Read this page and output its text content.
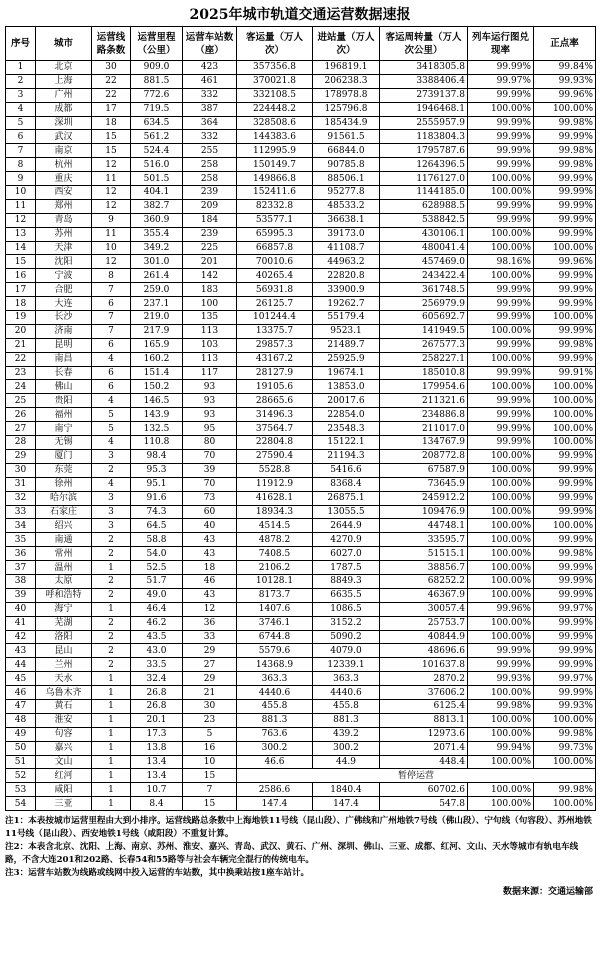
2025年城市轨道交通运营数据速报
序号	城市	运营线路条数	运营里程（公里）	运营车站数（座）	客运量（万人次）	进站量（万人次）	客运周转量（万人次公里）	列车运行图兑现率	正点率
1	北京	30	909.0	423	357356.8	196819.1	3418305.8	99.99%	99.84%
2	上海	22	881.5	461	370021.8	206238.3	3388406.4	99.97%	99.93%
3	广州	22	772.6	332	332108.5	178978.8	2739137.8	99.99%	99.96%
4	成都	17	719.5	387	224448.2	125796.8	1946468.1	100.00%	100.00%
5	深圳	18	634.5	364	328508.6	185434.9	2555957.9	99.99%	99.98%
6	武汉	15	561.2	332	144383.6	91561.5	1183804.3	99.99%	99.99%
7	南京	15	524.4	255	112995.9	66844.0	1795787.6	99.99%	99.98%
8	杭州	12	516.0	258	150149.7	90785.8	1264396.5	99.99%	99.98%
9	重庆	11	501.5	258	149866.8	88506.1	1176127.0	100.00%	99.99%
10	西安	12	404.1	239	152411.6	95277.8	1144185.0	100.00%	99.99%
11	郑州	12	382.7	209	82332.8	48533.2	628988.5	99.99%	99.99%
12	青岛	9	360.9	184	53577.1	36638.1	538842.5	99.99%	99.99%
13	苏州	11	355.4	239	65995.3	39173.0	430106.1	100.00%	99.99%
14	天津	10	349.2	225	66857.8	41108.7	480041.4	100.00%	100.00%
15	沈阳	12	301.0	201	70010.6	44963.2	457469.0	98.16%	99.96%
16	宁波	8	261.4	142	40265.4	22820.8	243422.4	100.00%	99.99%
17	合肥	7	259.0	183	56931.8	33900.9	361748.5	99.99%	99.99%
18	大连	6	237.1	100	26125.7	19262.7	256979.9	99.99%	99.99%
19	长沙	7	219.0	135	101244.4	55179.4	605692.7	99.99%	100.00%
20	济南	7	217.9	113	13375.7	9523.1	141949.5	100.00%	99.99%
21	昆明	6	165.9	103	29857.3	21489.7	267577.3	99.99%	99.98%
22	南昌	4	160.2	113	43167.2	25925.9	258227.1	100.00%	99.99%
23	长春	6	151.4	117	28127.9	19674.1	185010.8	99.99%	99.91%
24	佛山	6	150.2	93	19105.6	13853.0	179954.6	100.00%	100.00%
25	贵阳	4	146.5	93	28665.6	20017.6	211321.6	99.99%	100.00%
26	福州	5	143.9	93	31496.3	22854.0	234886.8	99.99%	100.00%
27	南宁	5	132.5	95	37564.7	23548.3	211017.0	99.99%	100.00%
28	无锡	4	110.8	80	22804.8	15122.1	134767.9	99.99%	100.00%
29	厦门	3	98.4	70	27590.4	21194.3	208772.8	100.00%	99.99%
30	东莞	2	95.3	39	5528.8	5416.6	67587.9	100.00%	99.99%
31	徐州	4	95.1	70	11912.9	8368.4	73645.9	100.00%	99.99%
32	哈尔滨	3	91.6	73	41628.1	26875.1	245912.2	100.00%	99.99%
33	石家庄	3	74.3	60	18934.3	13055.5	109476.9	100.00%	99.99%
34	绍兴	3	64.5	40	4514.5	2644.9	44748.1	100.00%	100.00%
35	南通	2	58.8	43	4878.2	4270.9	33595.7	100.00%	99.99%
36	常州	2	54.0	43	7408.5	6027.0	51515.1	100.00%	99.98%
37	温州	1	52.5	18	2106.2	1787.5	38856.7	100.00%	99.99%
38	太原	2	51.7	46	10128.1	8849.3	68252.2	100.00%	99.99%
39	呼和浩特	2	49.0	43	8173.7	6635.5	46367.9	100.00%	99.99%
40	海宁	1	46.4	12	1407.6	1086.5	30057.4	99.96%	99.97%
41	芜湖	2	46.2	36	3746.1	3152.2	25753.7	100.00%	99.99%
42	洛阳	2	43.5	33	6744.8	5090.2	40844.9	100.00%	99.99%
43	昆山	2	43.0	29	5579.6	4079.0	48696.6	99.99%	99.99%
44	兰州	2	33.5	27	14368.9	12339.1	101637.8	99.99%	99.99%
45	天水	1	32.4	29	363.3	363.3	2870.2	99.93%	99.97%
46	乌鲁木齐	1	26.8	21	4440.6	4440.6	37606.2	100.00%	99.99%
47	黄石	1	26.8	30	455.8	455.8	6125.4	99.98%	99.93%
48	淮安	1	20.1	23	881.3	881.3	8813.1	100.00%	100.00%
49	句容	1	17.3	5	763.6	439.2	12973.6	100.00%	99.98%
50	嘉兴	1	13.8	16	300.2	300.2	2071.4	99.94%	99.73%
51	文山	1	13.4	10	46.6	44.9	448.4	100.00%	100.00%
52	红河	1	13.4	15	暂停运营				
53	咸阳	1	10.7	7	2586.6	1840.4	60702.6	100.00%	99.98%
54	三亚	1	8.4	15	147.4	147.4	547.8	100.00%	100.00%
注1：本表按城市运营里程由大到小排序。运营线路总条数中上海地铁11号线（昆山段）、广佛线和广州地铁7号线（佛山段）、宁句线（句容段）、苏州地铁11号线（昆山段）、西安地铁1号线（咸阳段）不重复计算。
注2：本表含北京、沈阳、上海、南京、苏州、淮安、嘉兴、青岛、武汉、黄石、广州、深圳、佛山、三亚、成都、红河、文山、天水等城市有轨电车线路，不含大连201和202路、长春54和55路等与社会车辆完全混行的传统电车。
注3：运营车站数为线路或线网中投入运营的车站数，其中换乘站按1座车站计。
数据来源：交通运输部
